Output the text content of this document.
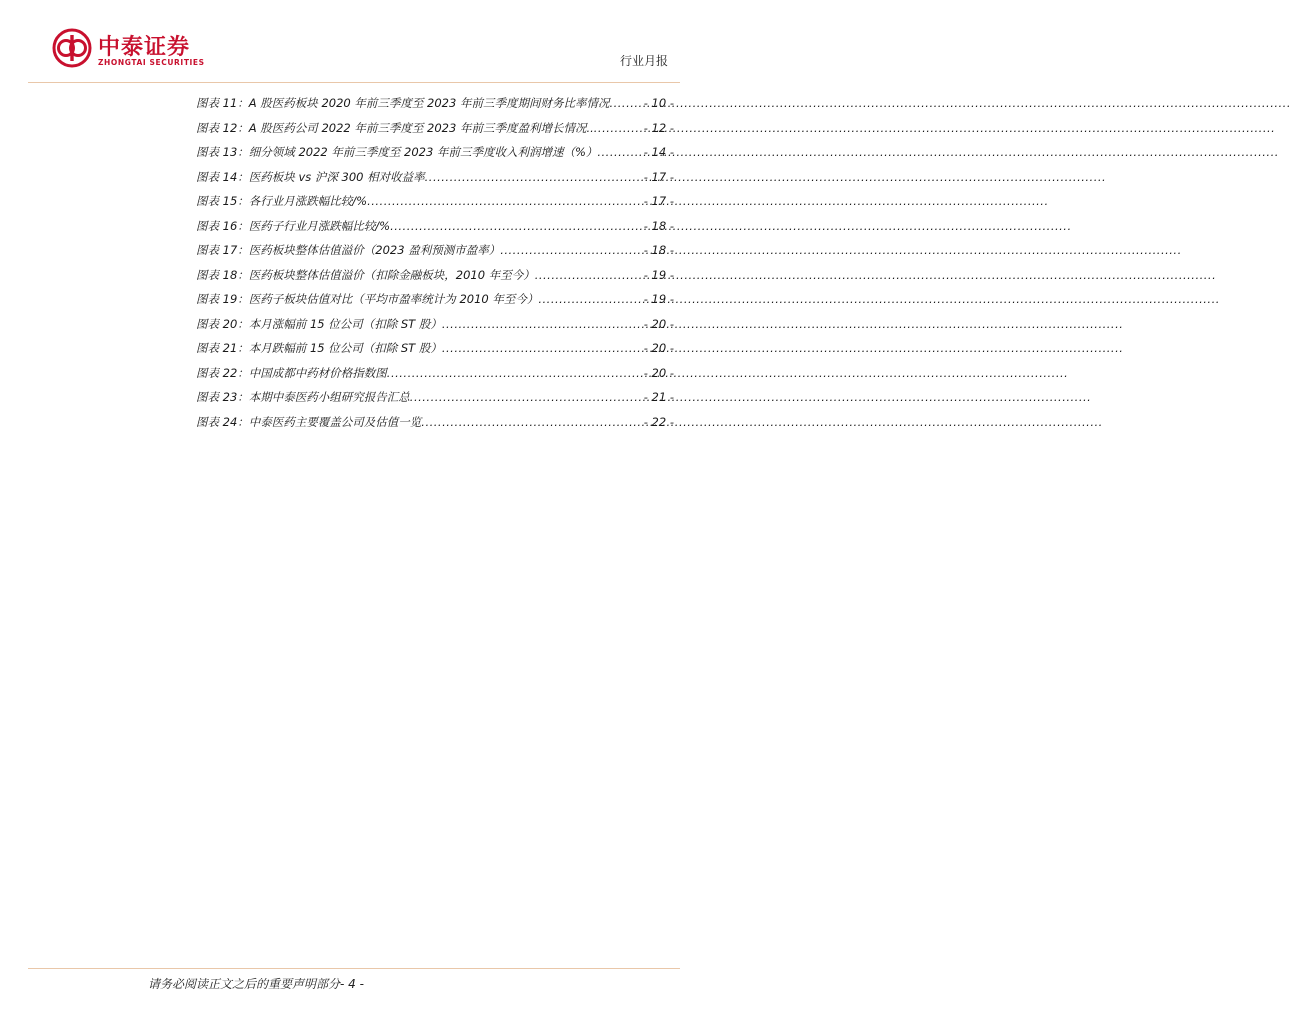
中泰证券
ZHONGTAI SECURITIES	行业月报
图表 11：A 股医药板块 2020 年前三季度至 2023 年前三季度期间财务比率情况 .....	- 10 -
图表 12：A 股医药公司 2022 年前三季度至 2023 年前三季度盈利增长情况.. .....	- 12 -
图表 13：细分领域 2022 年前三季度至 2023 年前三季度收入利润增速（%） .....	- 14 -
图表 14：医药板块 vs 沪深 300 相对收益率 .....	- 17 -
图表 15：各行业月涨跌幅比较/% .....	- 17 -
图表 16：医药子行业月涨跌幅比较/% .....	- 18 -
图表 17：医药板块整体估值溢价（2023 盈利预测市盈率） .....	- 18 -
图表 18：医药板块整体估值溢价（扣除金融板块，2010 年至今） .....	- 19 -
图表 19：医药子板块估值对比（平均市盈率统计为 2010 年至今） .....	- 19 -
图表 20：本月涨幅前 15 位公司（扣除 ST 股） .....	- 20 -
图表 21：本月跌幅前 15 位公司（扣除 ST 股） .....	- 20 -
图表 22：中国成都中药材价格指数图 .....	- 20 -
图表 23：本期中泰医药小组研究报告汇总 .....	- 21 -
图表 24：中泰医药主要覆盖公司及估值一览 .....	- 22 -
请务必阅读正文之后的重要声明部分- 4 -
